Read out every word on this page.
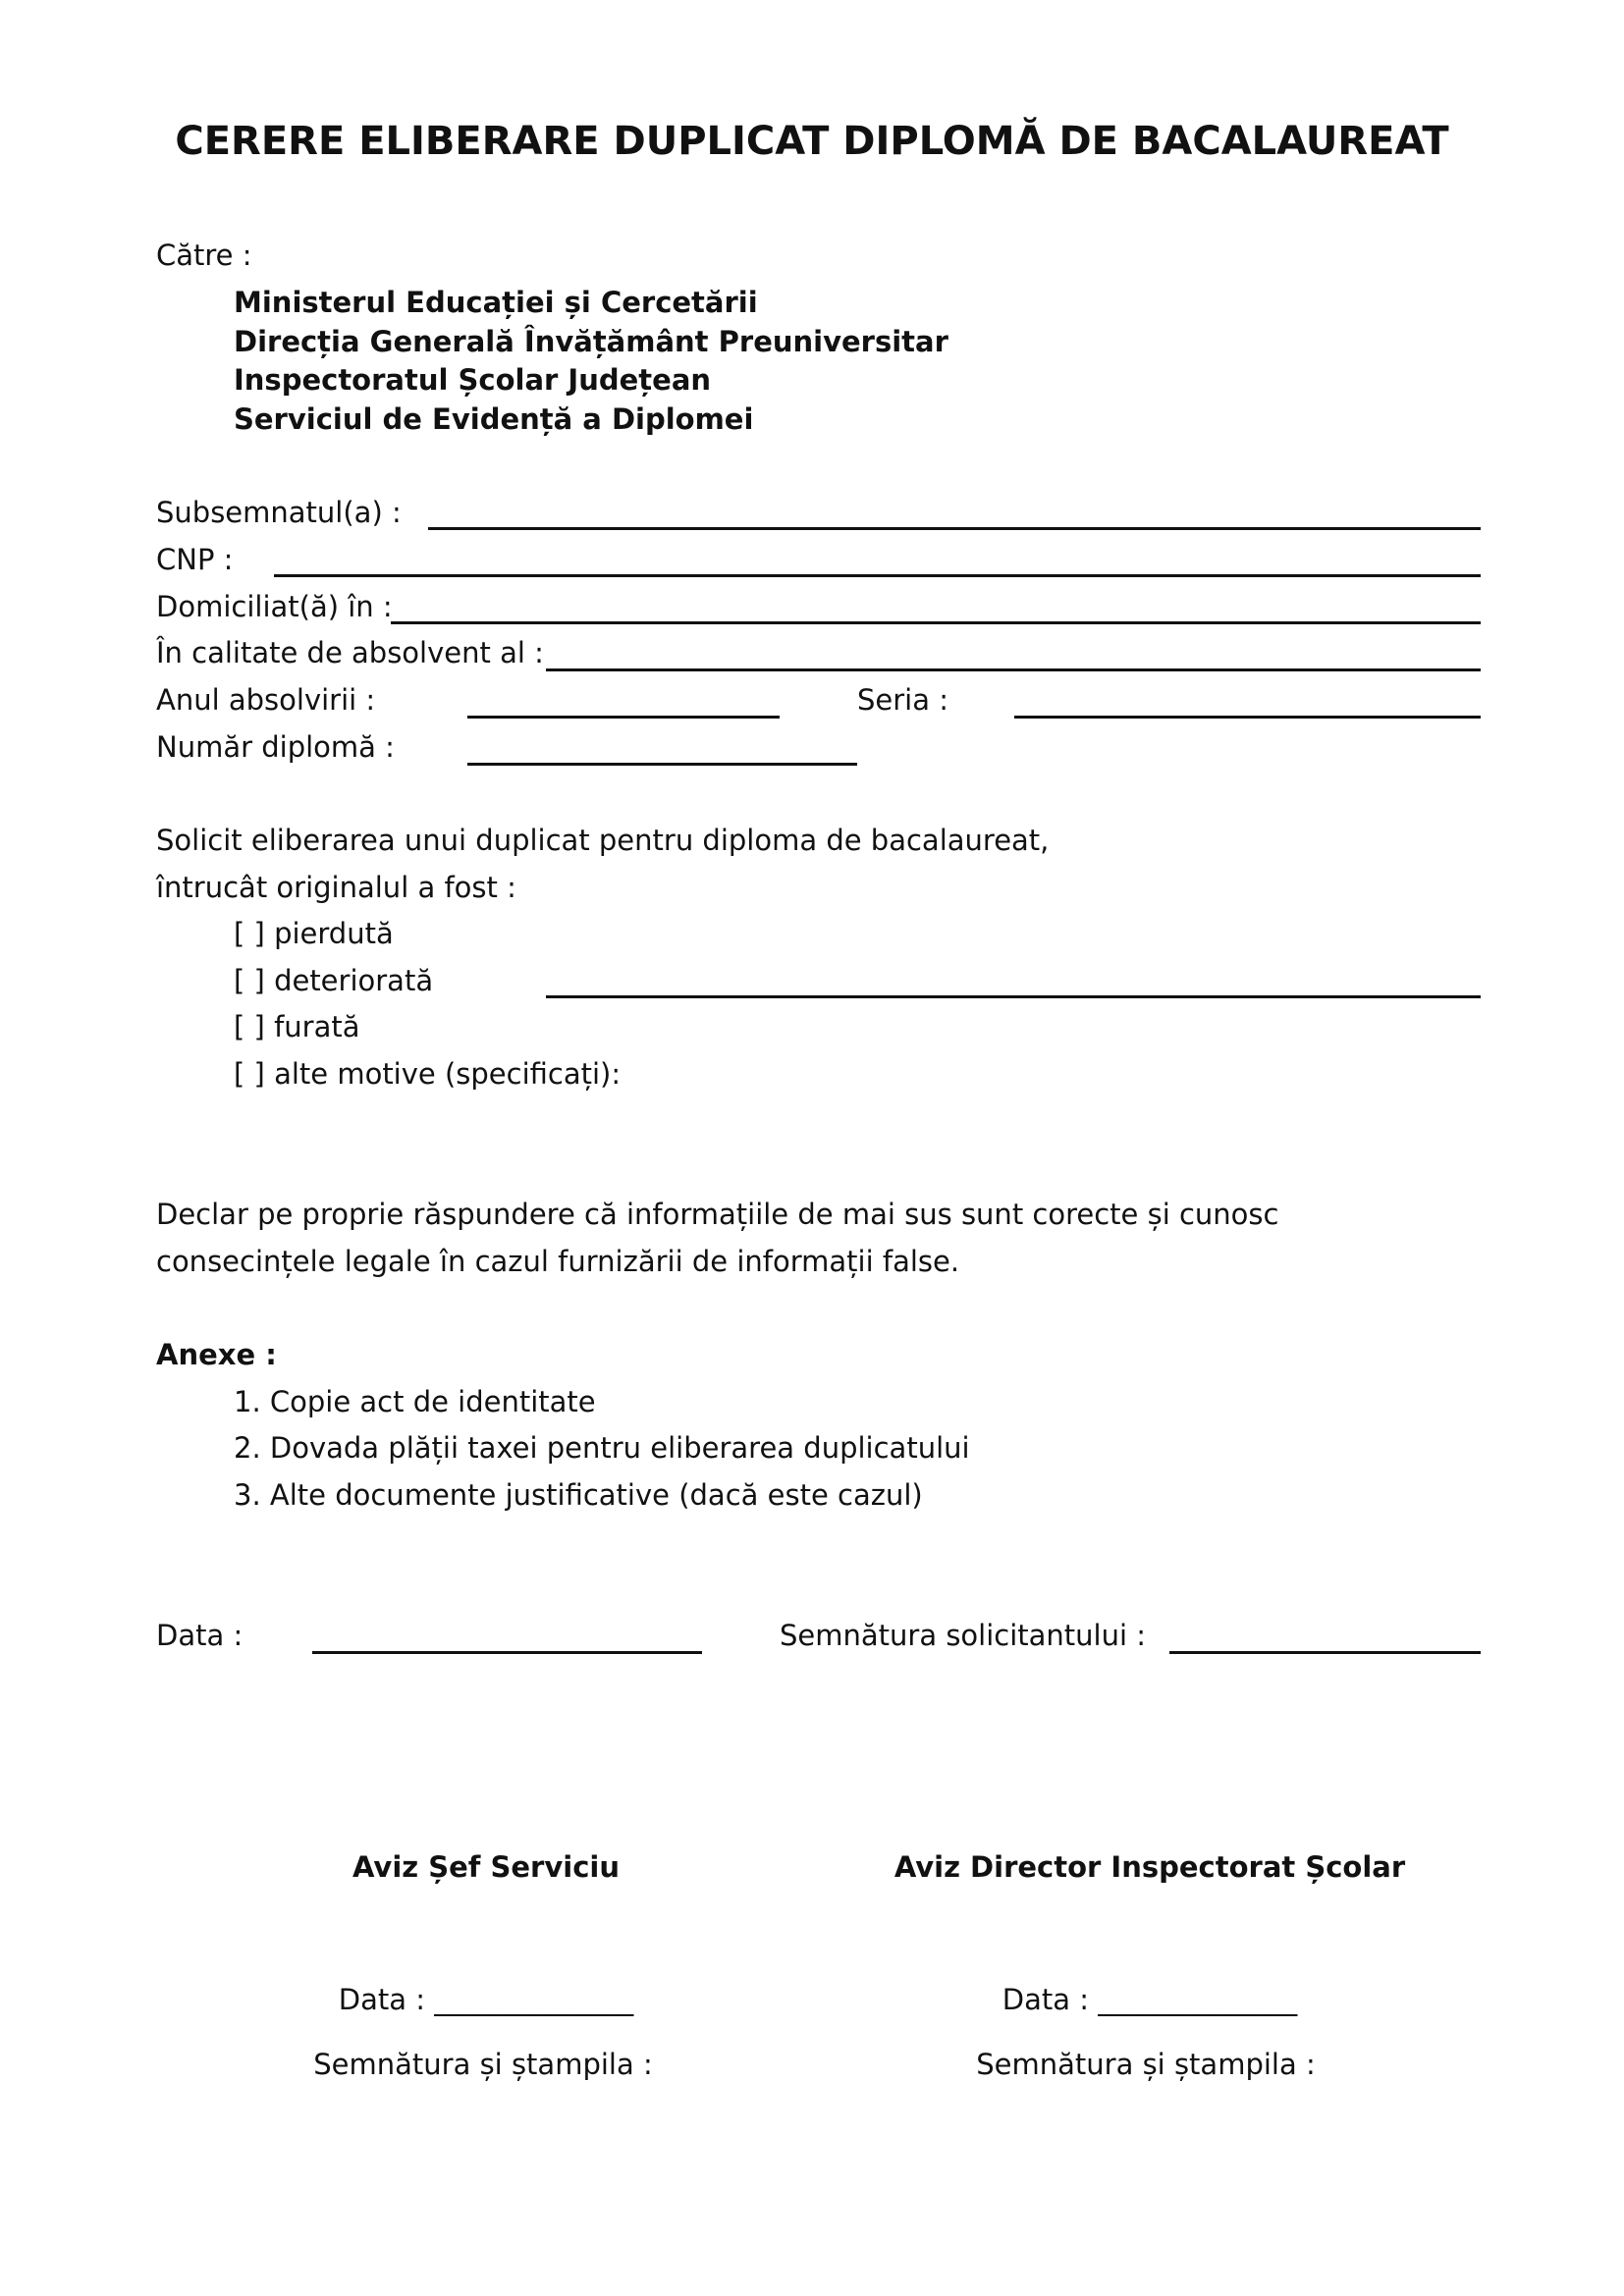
CERERE ELIBERARE DUPLICAT DIPLOMĂ DE BACALAUREAT
Către :
Ministerul Educației și Cercetării
Direcția Generală Învățământ Preuniversitar
Inspectoratul Școlar Județean
Serviciul de Evidență a Diplomei
Subsemnatul(a) :
CNP :
Domiciliat(ă) în :
În calitate de absolvent al :
Anul absolvirii :	Seria :
Număr diplomă :
Solicit eliberarea unui duplicat pentru diploma de bacalaureat,
întrucât originalul a fost :
[ ] pierdută
[ ] deteriorată
[ ] furată
[ ] alte motive (specificați):
Declar pe proprie răspundere că informațiile de mai sus sunt corecte și cunosc
consecințele legale în cazul furnizării de informații false.
Anexe :
1. Copie act de identitate
2. Dovada plății taxei pentru eliberarea duplicatului
3. Alte documente justificative (dacă este cazul)
Data :	Semnătura solicitantului :
Aviz Șef Serviciu
Data : ______________
Semnătura și ștampila :
Aviz Director Inspectorat Școlar
Data : ______________
Semnătura și ștampila :
